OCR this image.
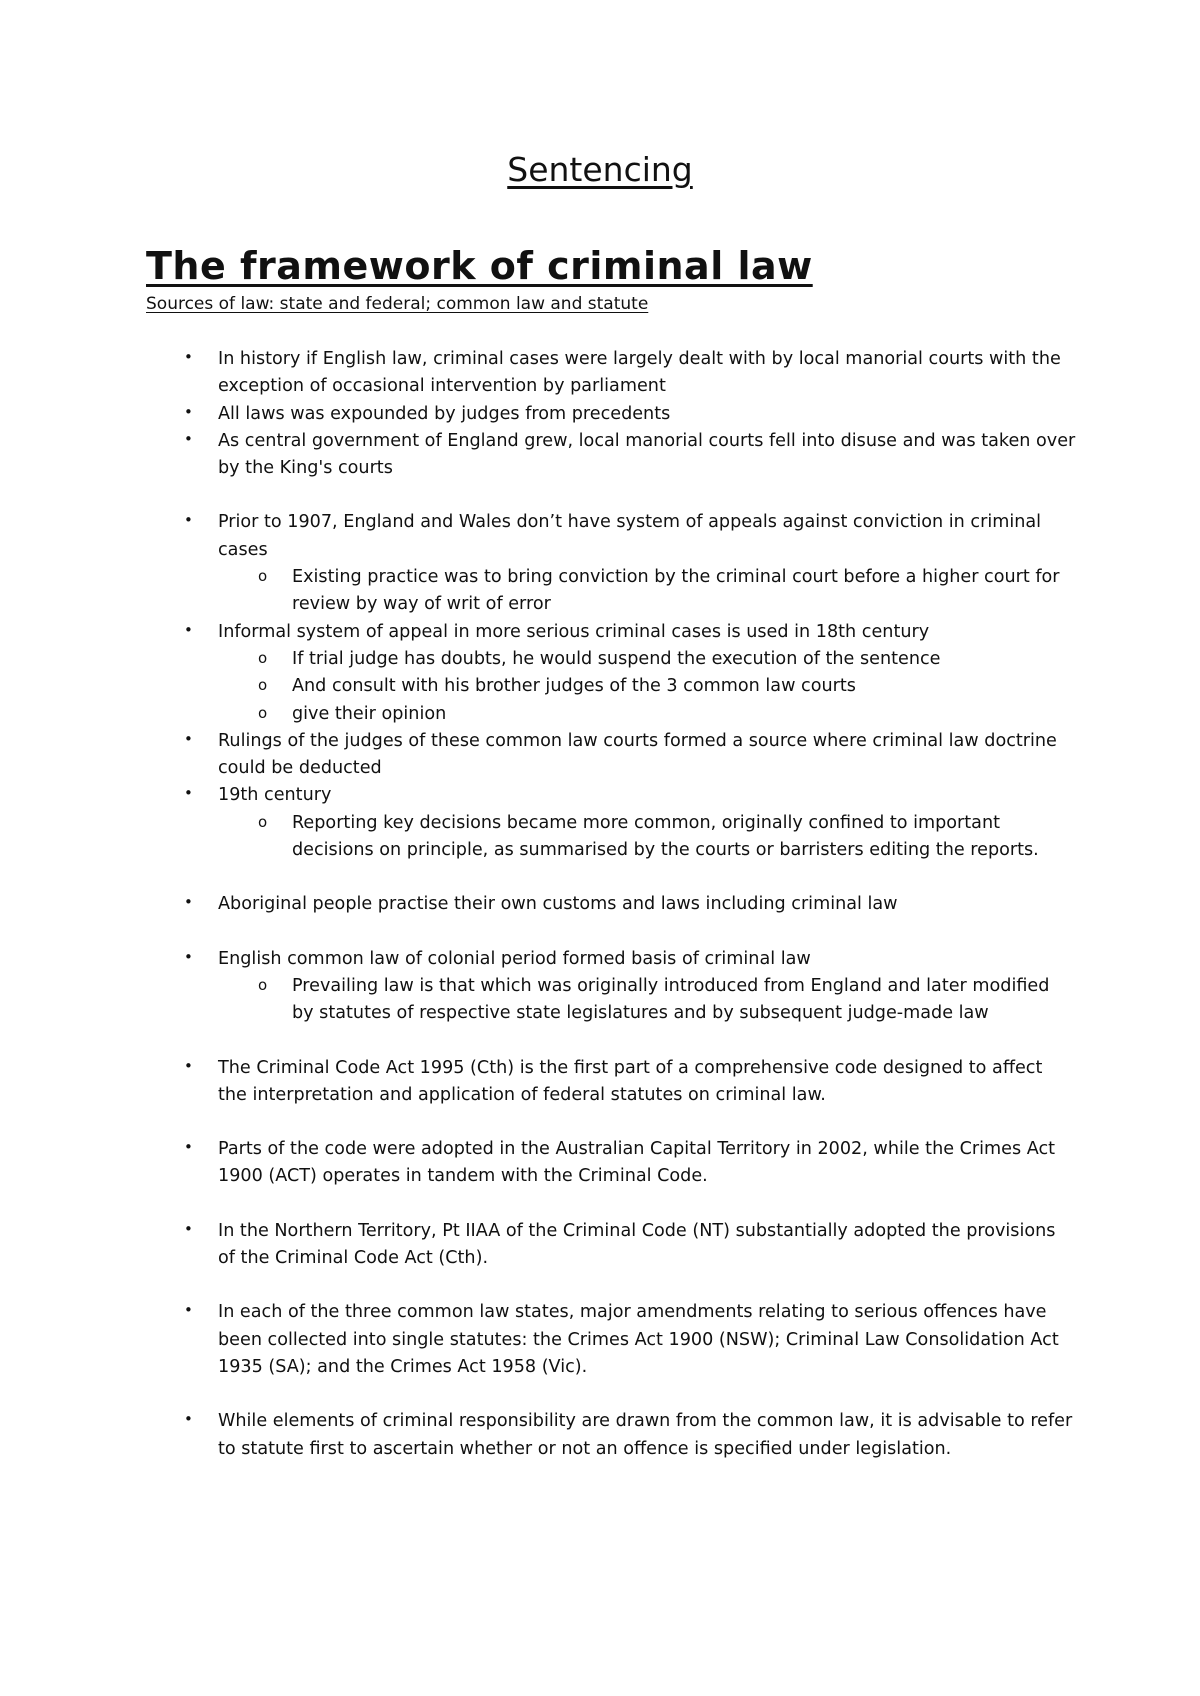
Sentencing
The framework of criminal law
Sources of law: state and federal; common law and statute
• In history if English law, criminal cases were largely dealt with by local manorial courts with the exception of occasional intervention by parliament
• All laws was expounded by judges from precedents
• As central government of England grew, local manorial courts fell into disuse and was taken over by the King's courts
• Prior to 1907, England and Wales don’t have system of appeals against conviction in criminal cases
o Existing practice was to bring conviction by the criminal court before a higher court for review by way of writ of error
• Informal system of appeal in more serious criminal cases is used in 18th century
o If trial judge has doubts, he would suspend the execution of the sentence
o And consult with his brother judges of the 3 common law courts
o give their opinion
• Rulings of the judges of these common law courts formed a source where criminal law doctrine could be deducted
• 19th century
o Reporting key decisions became more common, originally confined to important decisions on principle, as summarised by the courts or barristers editing the reports.
• Aboriginal people practise their own customs and laws including criminal law
• English common law of colonial period formed basis of criminal law
o Prevailing law is that which was originally introduced from England and later modified by statutes of respective state legislatures and by subsequent judge-made law
• The Criminal Code Act 1995 (Cth) is the first part of a comprehensive code designed to affect the interpretation and application of federal statutes on criminal law.
• Parts of the code were adopted in the Australian Capital Territory in 2002, while the Crimes Act 1900 (ACT) operates in tandem with the Criminal Code.
• In the Northern Territory, Pt IIAA of the Criminal Code (NT) substantially adopted the provisions of the Criminal Code Act (Cth).
• In each of the three common law states, major amendments relating to serious offences have been collected into single statutes: the Crimes Act 1900 (NSW); Criminal Law Consolidation Act 1935 (SA); and the Crimes Act 1958 (Vic).
• While elements of criminal responsibility are drawn from the common law, it is advisable to refer to statute first to ascertain whether or not an offence is specified under legislation.
